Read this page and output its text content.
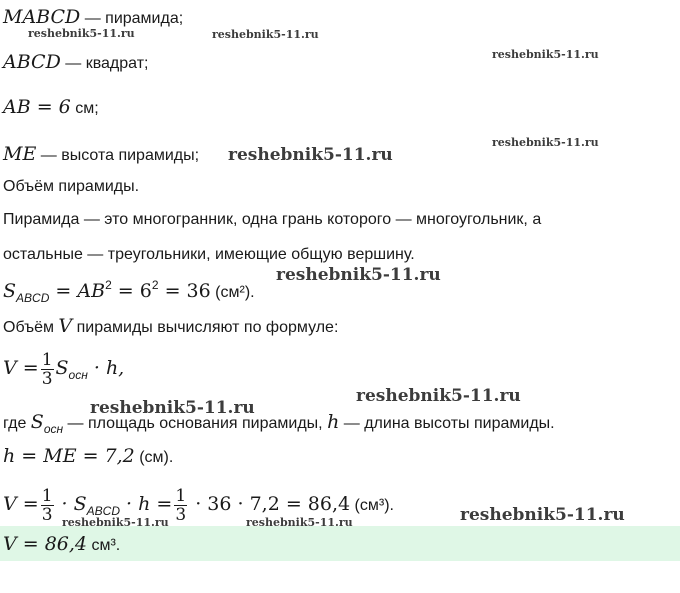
MABCD — пирамида;
ABCD — квадрат;
AB = 6 см;
ME — высота пирамиды;
Объём пирамиды.
Пирамида — это многогранник, одна грань которого — многоугольник, а
остальные — треугольники, имеющие общую вершину.
$S_{ABCD} = AB^2 = 6^2 = 36$ (см²).
Объём V пирамиды вычисляют по формуле:
$V = \frac{1}{3} S_{осн} \cdot h$,
где $S_{осн}$ — площадь основания пирамиды, h — длина высоты пирамиды.
h = ME = 7,2 (см).
$V = \frac{1}{3} \cdot S_{ABCD} \cdot h = \frac{1}{3} \cdot 36 \cdot 7,2 = 86,4$ (см³).
V = 86,4 см³.
reshebnik5-11.ru	reshebnik5-11.ru
reshebnik5-11.ru
reshebnik5-11.ru
reshebnik5-11.ru
reshebnik5-11.ru
reshebnik5-11.ru
reshebnik5-11.ru
reshebnik5-11.ru
reshebnik5-11.ru	reshebnik5-11.ru
